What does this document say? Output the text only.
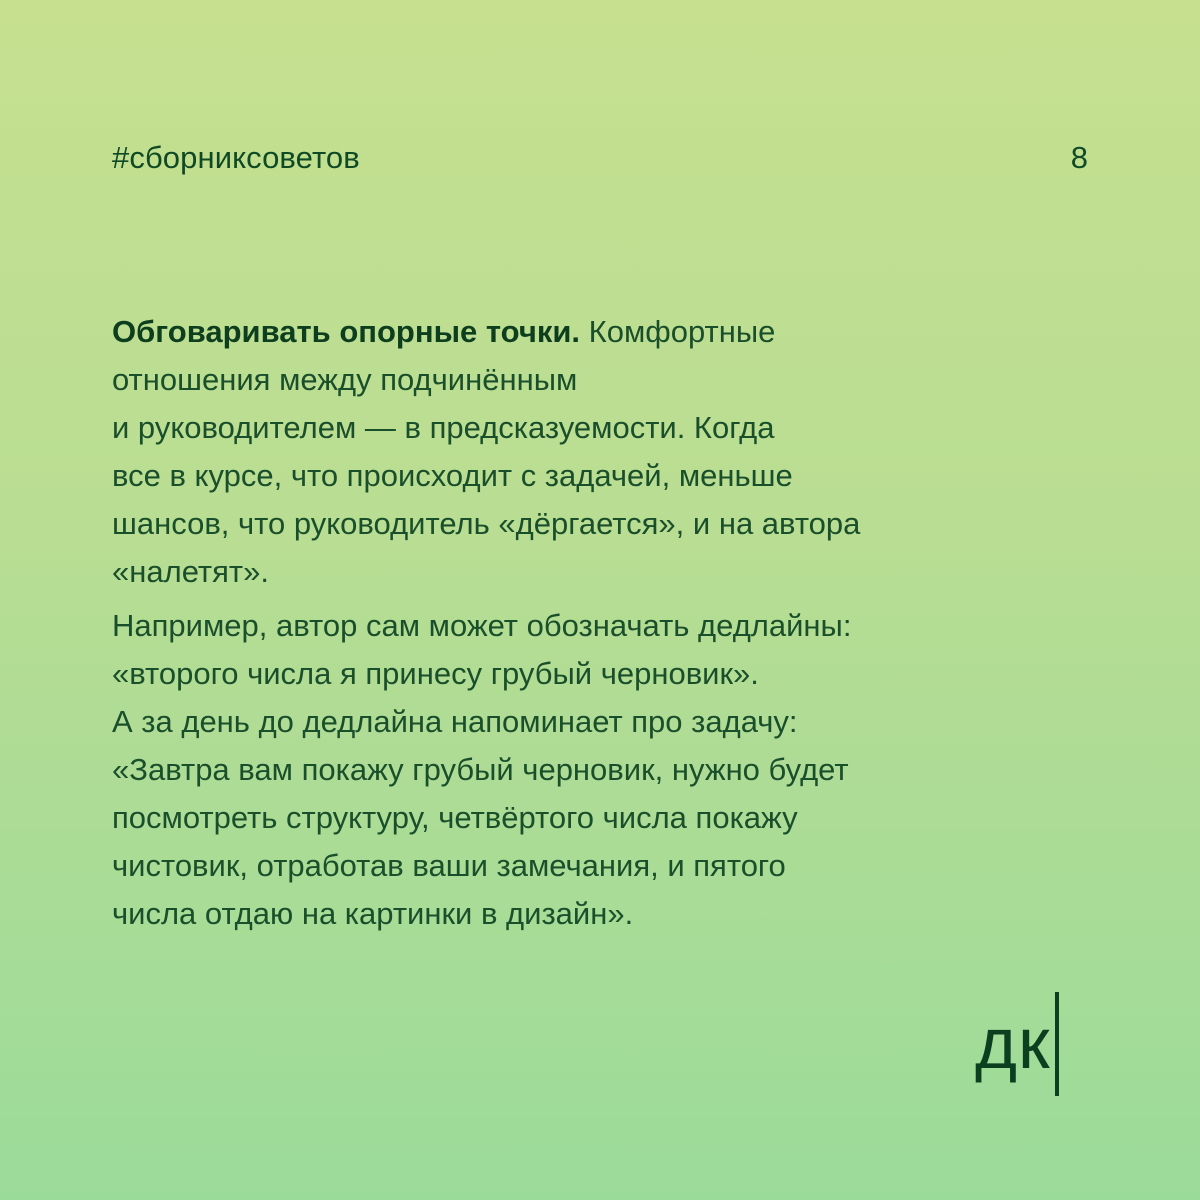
#сборниксоветов	8

Обговаривать опорные точки. Комфортные
отношения между подчинённым
и руководителем — в предсказуемости. Когда
все в курсе, что происходит с задачей, меньше
шансов, что руководитель «дёргается», и на автора
«налетят».

Например, автор сам может обозначать дедлайны:
«второго числа я принесу грубый черновик».
А за день до дедлайна напоминает про задачу:
«Завтра вам покажу грубый черновик, нужно будет
посмотреть структуру, четвёртого числа покажу
чистовик, отработав ваши замечания, и пятого
числа отдаю на картинки в дизайн».

дк
